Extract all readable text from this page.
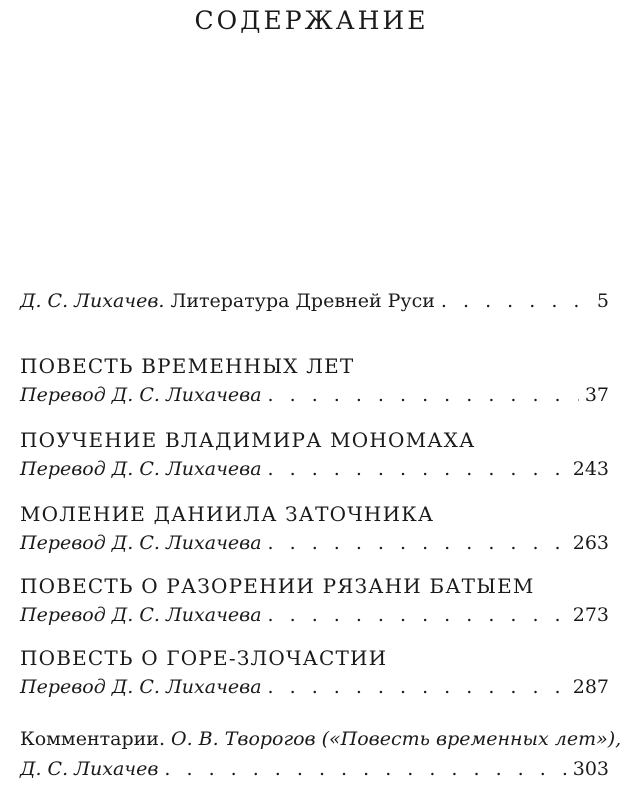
СОДЕРЖАНИЕ
Д. С. Лихачев.
Литература Древней Руси . . .	5
ПОВЕСТЬ ВРЕМЕННЫХ ЛЕТ
Перевод Д. С. Лихачева . . .	37
ПОУЧЕНИЕ ВЛАДИМИРА МОНОМАХА
Перевод Д. С. Лихачева . . .	243
МОЛЕНИЕ ДАНИИЛА ЗАТОЧНИКА
Перевод Д. С. Лихачева . . .	263
ПОВЕСТЬ О РАЗОРЕНИИ РЯЗАНИ БАТЫЕМ
Перевод Д. С. Лихачева . . .	273
ПОВЕСТЬ О ГОРЕ-ЗЛОЧАСТИИ
Перевод Д. С. Лихачева . . .	287
Комментарии.
О. В. Творогов («Повесть временных лет»),
Д. С. Лихачев . . .	303
